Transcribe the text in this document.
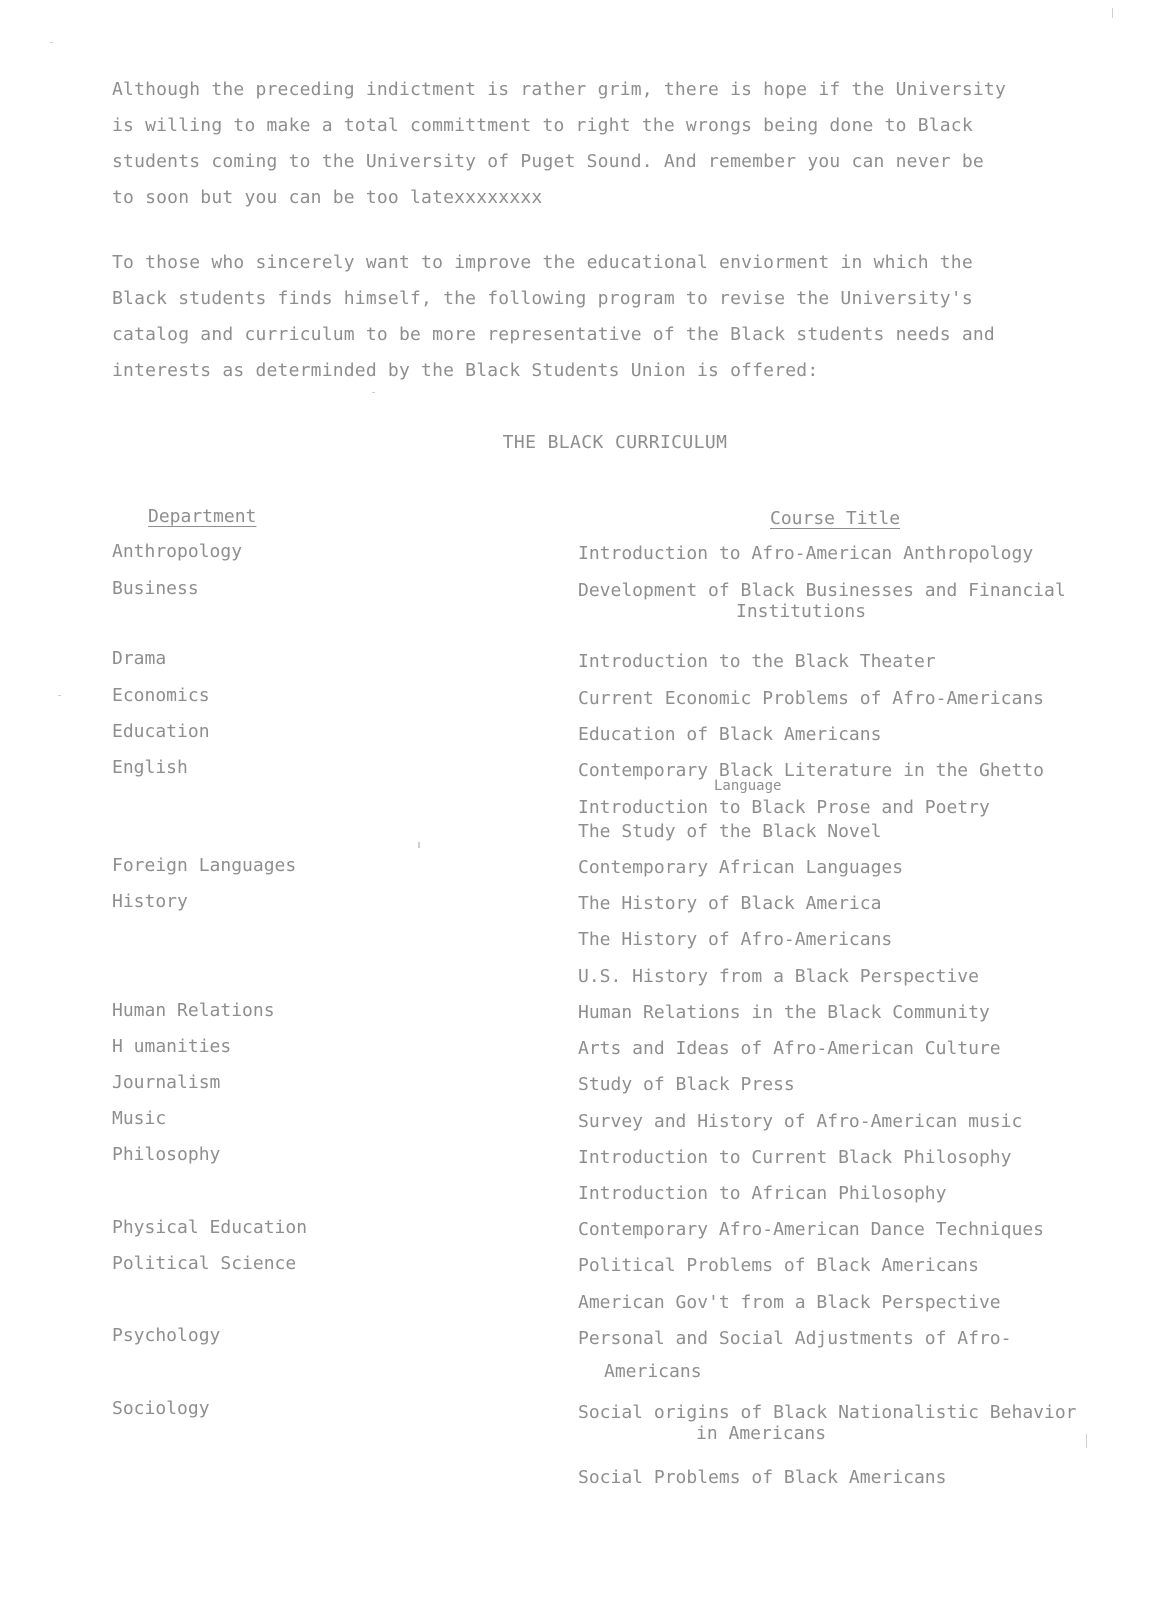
Although the preceding indictment is rather grim, there is hope if the University
is willing to make a total committment to right the wrongs being done to Black
students coming to the University of Puget Sound. And remember you can never be
to soon but you can be too latexxxxxxxx

To those who sincerely want to improve the educational enviorment in which the
Black students finds himself, the following program to revise the University's
catalog and curriculum to be more representative of the Black students needs and
interests as determinded by the Black Students Union is offered:

THE BLACK CURRICULUM
Department	Course Title
Anthropology
Business
Drama
Economics
Education
English
Foreign Languages
History
Human Relations
H umanities
Journalism
Music
Philosophy
Physical Education
Political Science
Psychology
Sociology
Introduction to Afro-American Anthropology
Development of Black Businesses and Financial
Institutions
Introduction to the Black Theater
Current Economic Problems of Afro-Americans
Education of Black Americans
Contemporary Black Literature in the Ghetto
Language
Introduction to Black Prose and Poetry
The Study of the Black Novel
Contemporary African Languages
The History of Black America
The History of Afro-Americans
U.S. History from a Black Perspective
Human Relations in the Black Community
Arts and Ideas of Afro-American Culture
Study of Black Press
Survey and History of Afro-American music
Introduction to Current Black Philosophy
Introduction to African Philosophy
Contemporary Afro-American Dance Techniques
Political Problems of Black Americans
American Gov't from a Black Perspective
Personal and Social Adjustments of Afro-
Americans
Social origins of Black Nationalistic Behavior
in Americans
Social Problems of Black Americans
